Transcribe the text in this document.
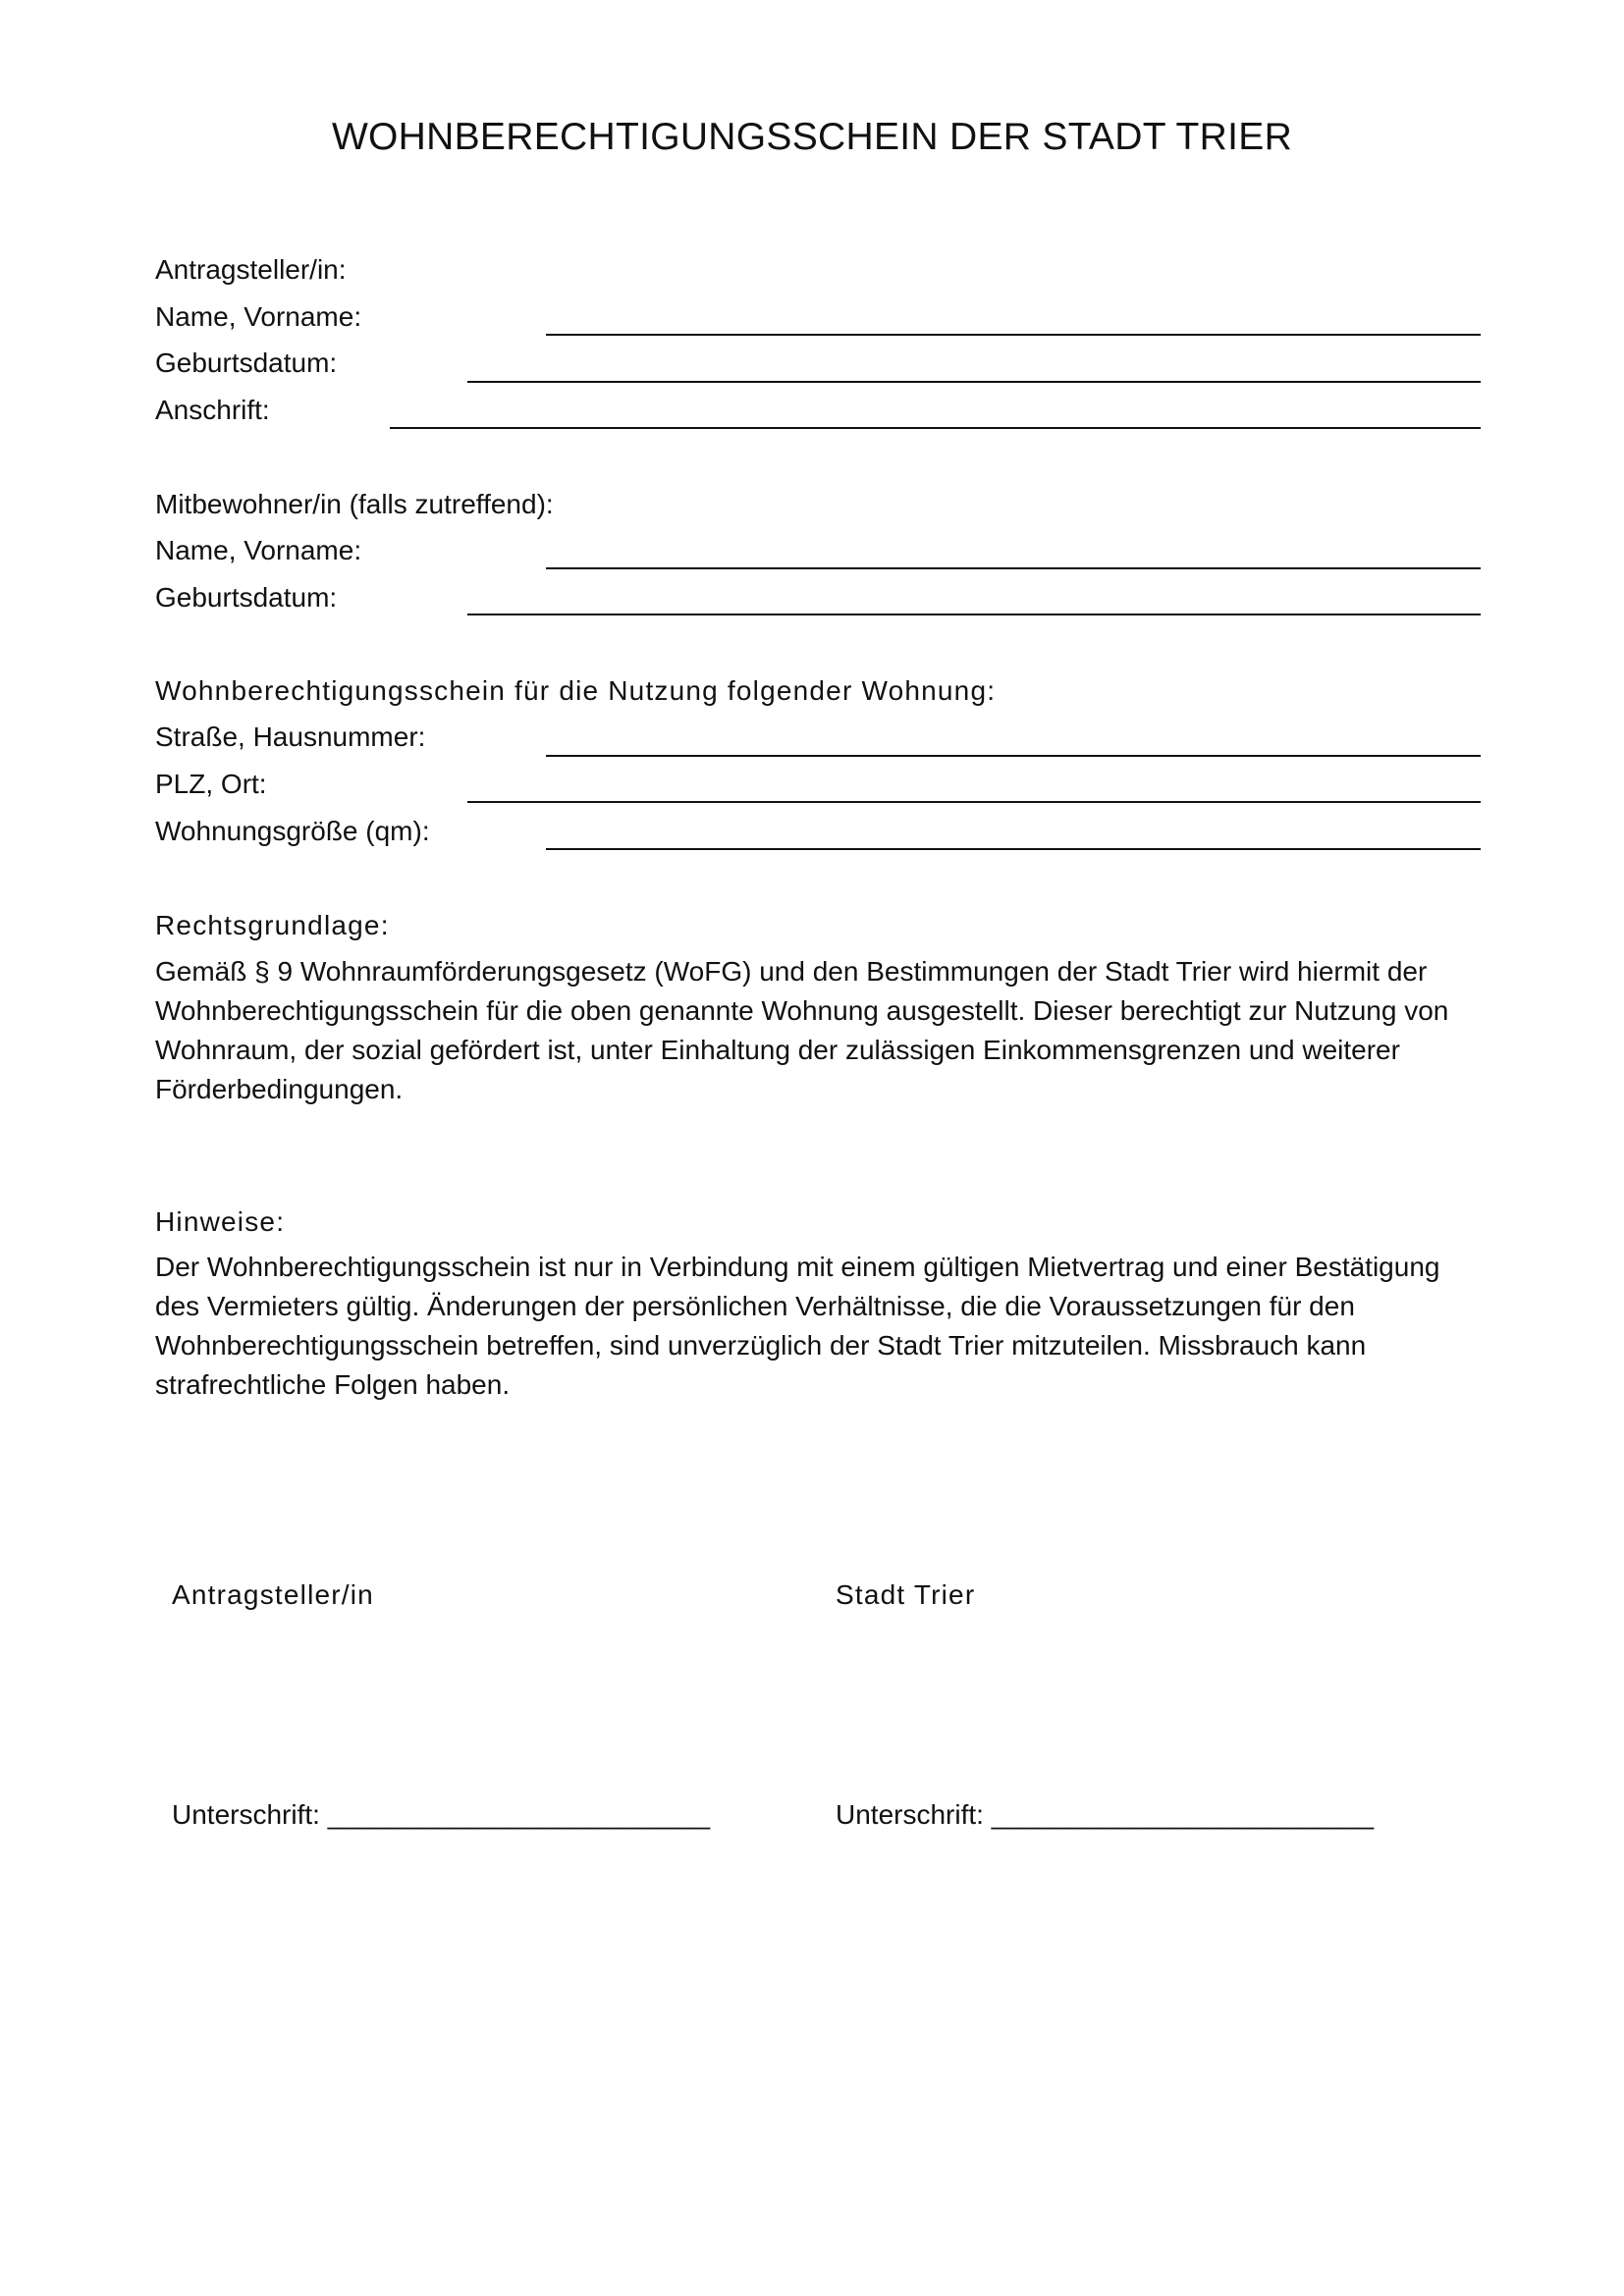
WOHNBERECHTIGUNGSSCHEIN DER STADT TRIER
Antragsteller/in:
Name, Vorname:
Geburtsdatum:
Anschrift:
Mitbewohner/in (falls zutreffend):
Name, Vorname:
Geburtsdatum:
Wohnberechtigungsschein für die Nutzung folgender Wohnung:
Straße, Hausnummer:
PLZ, Ort:
Wohnungsgröße (qm):
Rechtsgrundlage:

Gemäß § 9 Wohnraumförderungsgesetz (WoFG) und den Bestimmungen der Stadt Trier wird hiermit der Wohnberechtigungsschein für die oben genannte Wohnung ausgestellt. Dieser berechtigt zur Nutzung von Wohnraum, der sozial gefördert ist, unter Einhaltung der zulässigen Einkommensgrenzen und weiterer Förderbedingungen.

Hinweise:

Der Wohnberechtigungsschein ist nur in Verbindung mit einem gültigen Mietvertrag und einer Bestätigung des Vermieters gültig. Änderungen der persönlichen Verhältnisse, die die Voraussetzungen für den Wohnberechtigungsschein betreffen, sind unverzüglich der Stadt Trier mitzuteilen. Missbrauch kann strafrechtliche Folgen haben.

Antragsteller/in	Stadt Trier
Unterschrift: _________________________	Unterschrift: _________________________
